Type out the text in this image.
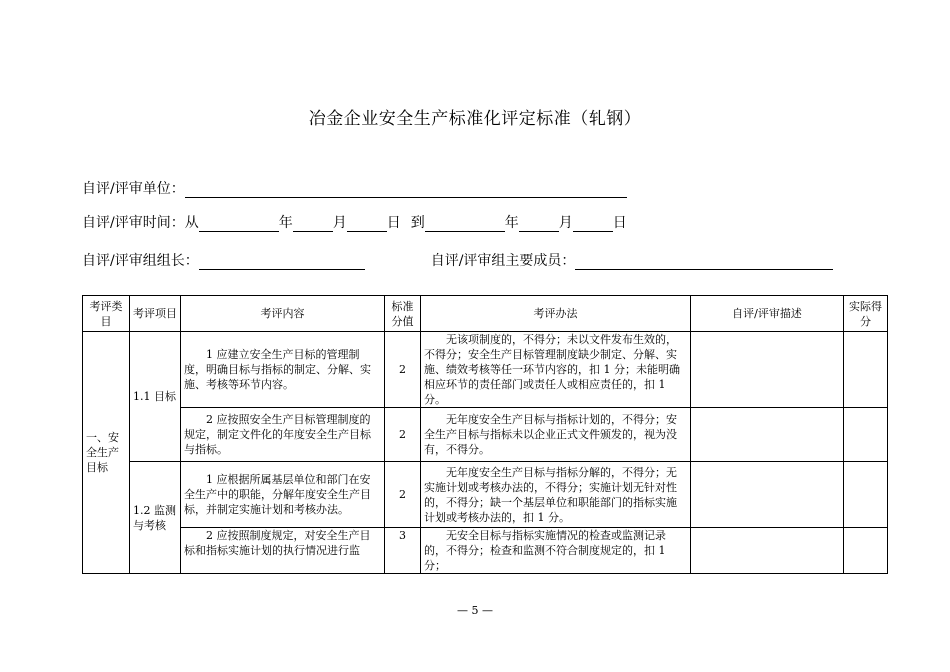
冶金企业安全生产标准化评定标准（轧钢）
自评/评审单位：
自评/评审时间：从	年	月	日 到	年	月	日
自评/评审组组长：	自评/评审组主要成员：
考评类目	考评项目	考评内容	标准分值	考评办法	自评/评审描述	实际得分
一、安全生产目标	1.1 目标	1 应建立安全生产目标的管理制度，明确目标与指标的制定、分解、实施、考核等环节内容。	2	无该项制度的，不得分；未以文件发布生效的，不得分；安全生产目标管理制度缺少制定、分解、实施、绩效考核等任一环节内容的，扣 1 分；未能明确相应环节的责任部门或责任人或相应责任的，扣 1 分。		
		2 应按照安全生产目标管理制度的规定，制定文件化的年度安全生产目标与指标。	2	无年度安全生产目标与指标计划的，不得分；安全生产目标与指标未以企业正式文件颁发的，视为没有，不得分。		
	1.2 监测与考核	1 应根据所属基层单位和部门在安全生产中的职能，分解年度安全生产目标，并制定实施计划和考核办法。	2	无年度安全生产目标与指标分解的，不得分；无实施计划或考核办法的，不得分；实施计划无针对性的，不得分；缺一个基层单位和职能部门的指标实施计划或考核办法的，扣 1 分。		
		2 应按照制度规定，对安全生产目标和指标实施计划的执行情况进行监	3	无安全目标与指标实施情况的检查或监测记录的，不得分；检查和监测不符合制度规定的，扣 1 分；		
— 5 —
